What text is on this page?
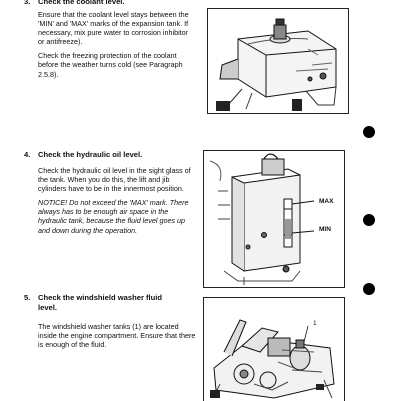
3. Check the coolant level.

Ensure that the coolant level stays between the 'MIN' and 'MAX' marks of the expansion tank. If necessary, mix pure water to corrosion inhibitor or antifreeze).

Check the freezing protection of the coolant before the weather turns cold (see Paragraph 2.5.8).

4. Check the hydraulic oil level.

Check the hydraulic oil level in the sight glass of the tank. When you do this, the lift and jib cylinders have to be in the innermost position.

NOTICE! Do not exceed the 'MAX' mark. There always has to be enough air space in the hydraulic tank, because the fluid level goes up and down during the operation.

MAX
MIN
5. Check the windshield washer fluid level.

The windshield washer tanks (1) are located inside the engine compartment. Ensure that there is enough of the fluid.

1
